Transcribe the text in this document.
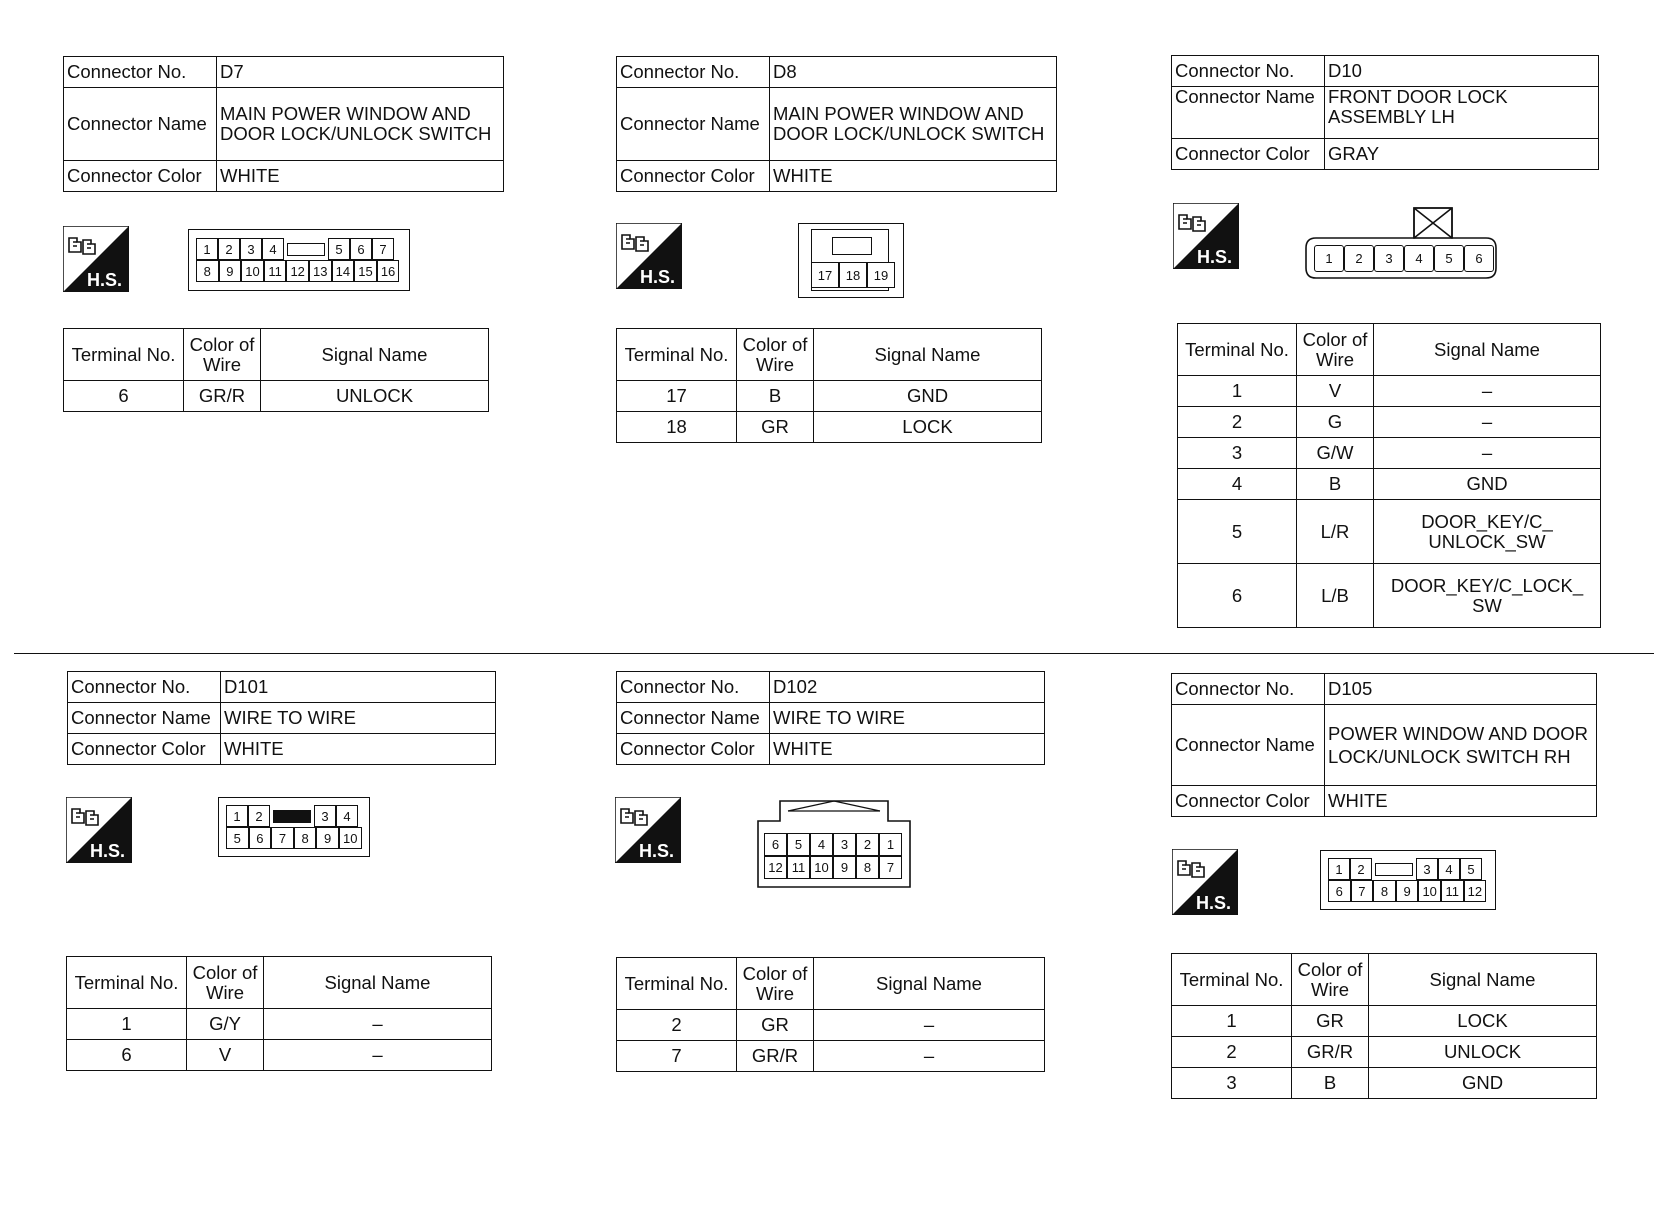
Connector No.	D7
Connector Name	MAIN POWER WINDOW AND DOOR LOCK/UNLOCK SWITCH
Connector Color	WHITE
H.S.
1	2	3	4	5	6	7
8	9 10 11 12 13 14 15 16
Terminal No.	Color of Wire	Signal Name
6	GR/R	UNLOCK
Connector No.	D8
Connector Name	MAIN POWER WINDOW AND DOOR LOCK/UNLOCK SWITCH
Connector Color	WHITE
H.S.	17	18	19
Terminal No.	Color of Wire	Signal Name
17	B	GND
18	GR	LOCK
Connector No.	D10
Connector Name	FRONT DOOR LOCK ASSEMBLY LH
Connector Color	GRAY
H.S.	1	2	3	4	5	6
Terminal No.	Color of Wire	Signal Name
1	V	–
2	G	–
3	G/W	–
4	B	GND
5	L/R	DOOR_KEY/C_ UNLOCK_SW
6	L/B	DOOR_KEY/C_LOCK_ SW
Connector No.	D101
Connector Name	WIRE TO WIRE
Connector Color	WHITE
H.S.
1	2	3	4
5	6	7	8	9 10
Terminal No.	Color of Wire	Signal Name
1	G/Y	–
6	V	–
Connector No.	D102
Connector Name	WIRE TO WIRE
Connector Color	WHITE
H.S.	6	5	4	3	2	1
12 11 10 9	8	7
Terminal No.	Color of Wire	Signal Name
2	GR	–
7	GR/R	–
Connector No.	D105
Connector Name	POWER WINDOW AND DOOR LOCK/UNLOCK SWITCH RH
Connector Color	WHITE
H.S.
1	2	3	4	5
6	7	8	9 10 11 12
Terminal No.	Color of Wire	Signal Name
1	GR	LOCK
2	GR/R	UNLOCK
3	B	GND
